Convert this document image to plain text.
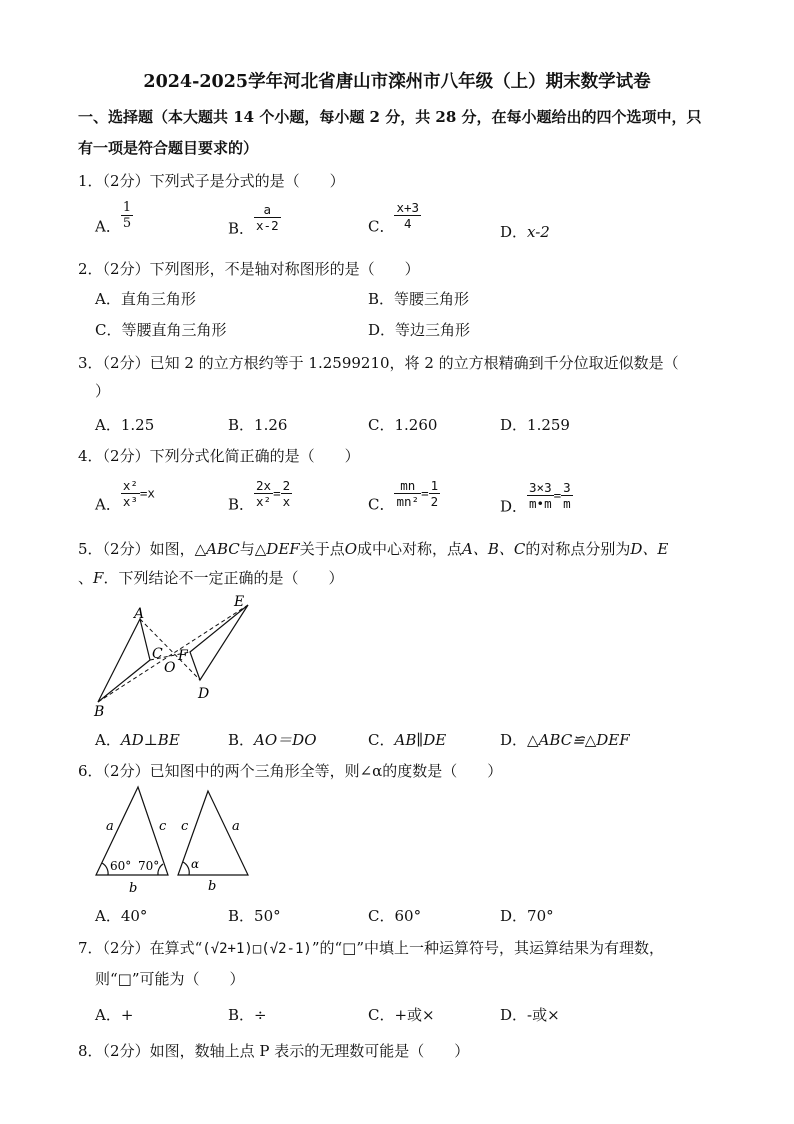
2024-2025学年河北省唐山市滦州市八年级（上）期末数学试卷
一、选择题（本大题共 14 个小题，每小题 2 分，共 28 分，在每小题给出的四个选项中，只
有一项是符合题目要求的）
1．（2分）下列式子是分式的是（　　）
A． $\frac{1}{5}$	B． $\frac{a}{x-2}$	C． $\frac{x+3}{4}$
D．x-2
2．（2分）下列图形，不是轴对称图形的是（　　）
A．直角三角形	B．等腰三角形
C．等腰直角三角形	D．等边三角形
3．（2分）已知 2 的立方根约等于 1.2599210，将 2 的立方根精确到千分位取近似数是（
）
A．1.25	B．1.26	C．1.260	D．1.259
4．（2分）下列分式化简正确的是（　　）
A． $\frac{\text{x²}}{\text{x³}} =x$
B． $\frac{2x}{\text{x²}} = \frac{2}{x}$	C． $\frac{mn}{\text{mn²}} = \frac{1}{2}$	D． $\frac{3\times 3}{m•m} = \frac{3}{m}$
5．（2分）如图，△ABC与△DEF关于点O成中心对称，点A、B、C的对称点分别为D、E
、F．下列结论不一定正确的是（　　）
A
B
C
D
E
F
O
A．AD⊥BE	B．AO＝DO	C．AB∥DE	D．△ABC≌△DEF
6．（2分）已知图中的两个三角形全等，则∠α的度数是（　　）
a	c
b
60° 70°
c	a
b
α
A．40°	B．50°	C．60°	D．70°
7．（2分）在算式“(√2+1)□(√2-1)”的“□”中填上一种运算符号，其运算结果为有理数，
则“□”可能为（　　）
A．+	B．÷	C．+或×	D．-或×
8．（2分）如图，数轴上点 P 表示的无理数可能是（　　）
